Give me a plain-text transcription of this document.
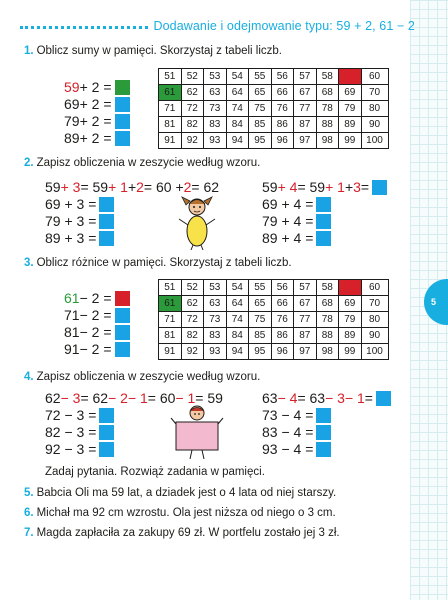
5
Dodawanie i odejmowanie typu: 59 + 2, 61 − 2
1. Oblicz sumy w pamięci. Skorzystaj z tabeli liczb.
59 + 2 =
69 + 2 =
79 + 2 =
89 + 2 =
51	52	53	54	55	56	57	58	59	60
61	62	63	64	65	66	67	68	69	70
71	72	73	74	75	76	77	78	79	80
81	82	83	84	85	86	87	88	89	90
91	92	93	94	95	96	97	98	99	100
2. Zapisz obliczenia w zeszycie według wzoru.
59 + 3 = 59 + 1 + 2 = 60 + 2 = 62	59 + 4 = 59 + 1 + 3 =
69 + 3 =
79 + 3 =
89 + 3 =
69 + 4 =
79 + 4 =
89 + 4 =
3. Oblicz różnice w pamięci. Skorzystaj z tabeli liczb.
61 − 2 =
71 − 2 =
81 − 2 =
91 − 2 =
51	52	53	54	55	56	57	58	59	60
61	62	63	64	65	66	67	68	69	70
71	72	73	74	75	76	77	78	79	80
81	82	83	84	85	86	87	88	89	90
91	92	93	94	95	96	97	98	99	100
4. Zapisz obliczenia w zeszycie według wzoru.
62 − 3 = 62 − 2 − 1 = 60 − 1 = 59	63 − 4 = 63 − 3 − 1 =
72 − 3 =
82 − 3 =
92 − 3 =
73 − 4 =
83 − 4 =
93 − 4 =
Zadaj pytania. Rozwiąż zadania w pamięci.
5. Babcia Oli ma 59 lat, a dziadek jest o 4 lata od niej starszy.
6. Michał ma 92 cm wzrostu. Ola jest niższa od niego o 3 cm.
7. Magda zapłaciła za zakupy 69 zł. W portfelu zostało jej 3 zł.
